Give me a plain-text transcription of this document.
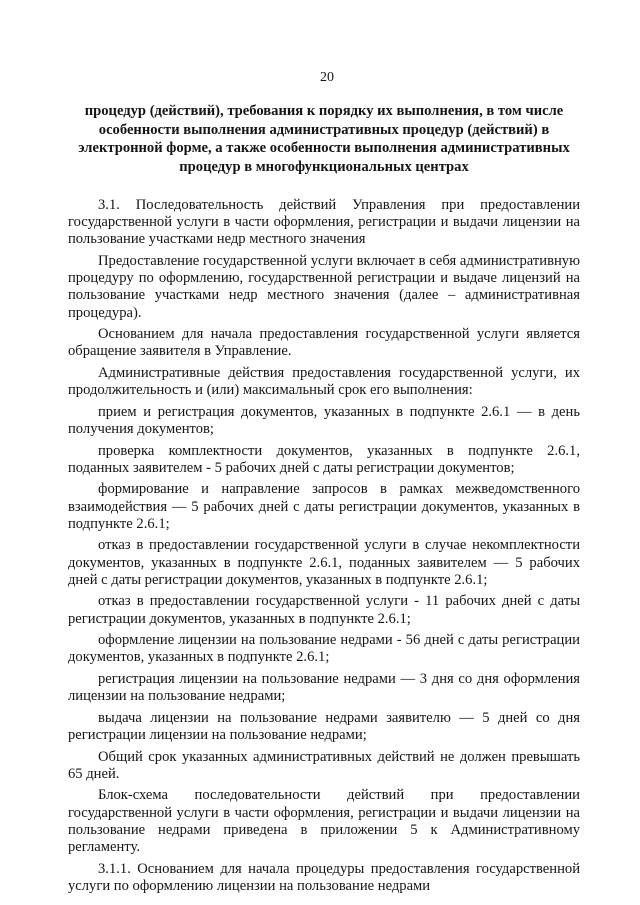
20
процедур (действий), требования к порядку их выполнения, в том числе
особенности выполнения административных процедур (действий) в
электронной форме, а также особенности выполнения административных
процедур в многофункциональных центрах

3.1. Последовательность действий Управления при предоставлении государственной услуги в части оформления, регистрации и выдачи лицензии на пользование участками недр местного значения

Предоставление государственной услуги включает в себя административную процедуру по оформлению, государственной регистрации и выдаче лицензий на пользование участками недр местного значения (далее – административная процедура).

Основанием для начала предоставления государственной услуги является обращение заявителя в Управление.

Административные действия предоставления государственной услуги, их продолжительность и (или) максимальный срок его выполнения:

прием и регистрация документов, указанных в подпункте 2.6.1 — в день получения документов;

проверка комплектности документов, указанных в подпункте 2.6.1, поданных заявителем - 5 рабочих дней с даты регистрации документов;

формирование и направление запросов в рамках межведомственного взаимодействия — 5 рабочих дней с даты регистрации документов, указанных в подпункте 2.6.1;

отказ в предоставлении государственной услуги в случае некомплектности документов, указанных в подпункте 2.6.1, поданных заявителем — 5 рабочих дней с даты регистрации документов, указанных в подпункте 2.6.1;

отказ в предоставлении государственной услуги - 11 рабочих дней с даты регистрации документов, указанных в подпункте 2.6.1;

оформление лицензии на пользование недрами - 56 дней с даты регистрации документов, указанных в подпункте 2.6.1;

регистрация лицензии на пользование недрами — 3 дня со дня оформления лицензии на пользование недрами;

выдача лицензии на пользование недрами заявителю — 5 дней со дня регистрации лицензии на пользование недрами;

Общий срок указанных административных действий не должен превышать 65 дней.

Блок-схема последовательности действий при предоставлении государственной услуги в части оформления, регистрации и выдачи лицензии на пользование недрами приведена в приложении 5 к Административному регламенту.

3.1.1. Основанием для начала процедуры предоставления государственной услуги по оформлению лицензии на пользование недрами
